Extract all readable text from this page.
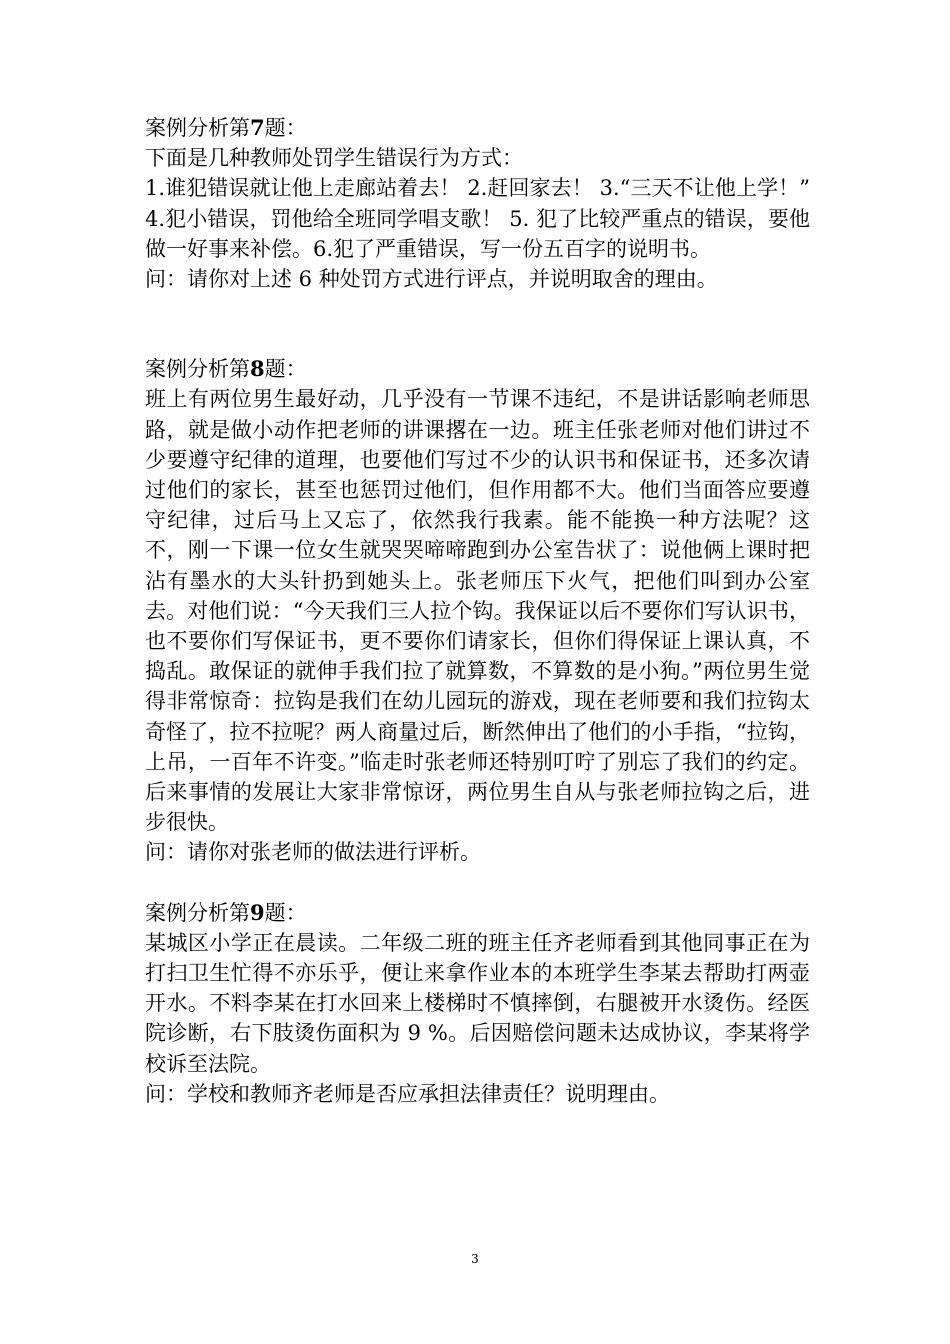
案例分析第7题：

下面是几种教师处罚学生错误行为方式：

1.谁犯错误就让他上走廊站着去！ 2.赶回家去！ 3.“三天不让他上学！” 4.犯小错误，罚他给全班同学唱支歌！ 5. 犯了比较严重点的错误，要他做一好事来补偿。6.犯了严重错误，写一份五百字的说明书。

问：请你对上述 6 种处罚方式进行评点，并说明取舍的理由。

案例分析第8题：

班上有两位男生最好动，几乎没有一节课不违纪，不是讲话影响老师思路，就是做小动作把老师的讲课撂在一边。班主任张老师对他们讲过不少要遵守纪律的道理，也要他们写过不少的认识书和保证书，还多次请过他们的家长，甚至也惩罚过他们，但作用都不大。他们当面答应要遵守纪律，过后马上又忘了，依然我行我素。能不能换一种方法呢？这不，刚一下课一位女生就哭哭啼啼跑到办公室告状了：说他俩上课时把沾有墨水的大头针扔到她头上。张老师压下火气，把他们叫到办公室去。对他们说：“今天我们三人拉个钩。我保证以后不要你们写认识书，也不要你们写保证书，更不要你们请家长，但你们得保证上课认真，不捣乱。敢保证的就伸手我们拉了就算数，不算数的是小狗。”两位男生觉得非常惊奇：拉钩是我们在幼儿园玩的游戏，现在老师要和我们拉钩太奇怪了，拉不拉呢？两人商量过后，断然伸出了他们的小手指，“拉钩，上吊，一百年不许变。”临走时张老师还特别叮咛了别忘了我们的约定。后来事情的发展让大家非常惊讶，两位男生自从与张老师拉钩之后，进步很快。

问：请你对张老师的做法进行评析。

案例分析第9题：

某城区小学正在晨读。二年级二班的班主任齐老师看到其他同事正在为打扫卫生忙得不亦乐乎，便让来拿作业本的本班学生李某去帮助打两壶开水。不料李某在打水回来上楼梯时不慎摔倒，右腿被开水烫伤。经医院诊断，右下肢烫伤面积为 9 %。后因赔偿问题未达成协议，李某将学校诉至法院。

问：学校和教师齐老师是否应承担法律责任？说明理由。

3
